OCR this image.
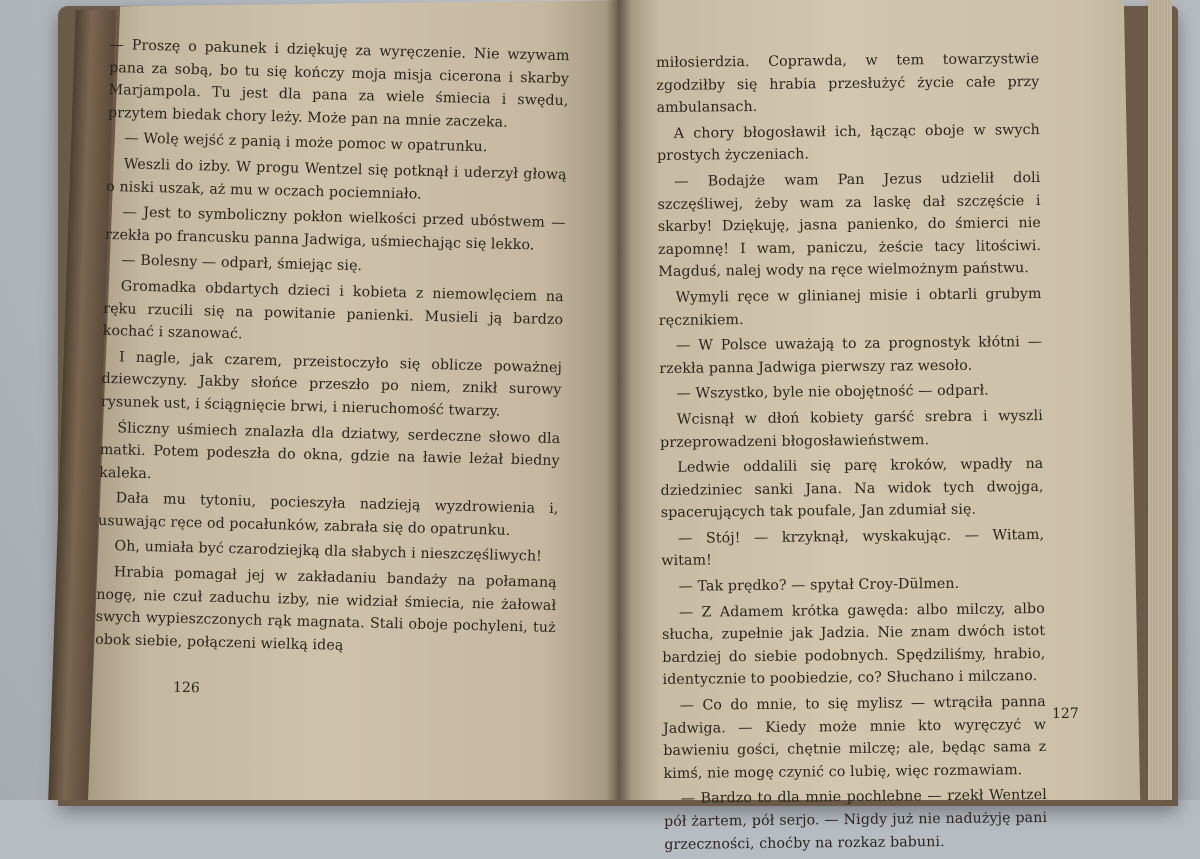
— Proszę o pakunek i dziękuję za wyręczenie. Nie wzywam pana za sobą, bo tu się kończy moja misja cicerona i skarby Marjampola. Tu jest dla pana za wiele śmiecia i swędu, przytem biedak chory leży. Może pan na mnie zaczeka.

— Wolę wejść z panią i może pomoc w opatrunku.

Weszli do izby. W progu Wentzel się potknął i uderzył głową o niski uszak, aż mu w oczach pociemniało.

— Jest to symboliczny pokłon wielkości przed ubóstwem — rzekła po francusku panna Jadwiga, uśmiechając się lekko.

— Bolesny — odparł, śmiejąc się.

Gromadka obdartych dzieci i kobieta z niemowlęciem na ręku rzucili się na powitanie panienki. Musieli ją bardzo kochać i szanować.

I nagle, jak czarem, przeistoczyło się oblicze poważnej dziewczyny. Jakby słońce przeszło po niem, znikł surowy rysunek ust, i ściągnięcie brwi, i nieruchomość twarzy.

Śliczny uśmiech znalazła dla dziatwy, serdeczne słowo dla matki. Potem podeszła do okna, gdzie na ławie leżał biedny kaleka.

Dała mu tytoniu, pocieszyła nadzieją wyzdrowienia i, usuwając ręce od pocałunków, zabrała się do opatrunku.

Oh, umiała być czarodziejką dla słabych i nieszczęśliwych!

Hrabia pomagał jej w zakładaniu bandaży na połamaną nogę, nie czuł zaduchu izby, nie widział śmiecia, nie żałował swych wypieszczonych rąk magnata. Stali oboje pochyleni, tuż obok siebie, połączeni wielką ideą

126

miłosierdzia. Coprawda, w tem towarzystwie zgodziłby się hrabia przesłużyć życie całe przy ambulansach.

A chory błogosławił ich, łącząc oboje w swych prostych życzeniach.

— Bodajże wam Pan Jezus udzielił doli szczęśliwej, żeby wam za laskę dał szczęście i skarby! Dziękuję, jasna panienko, do śmierci nie zapomnę! I wam, paniczu, żeście tacy litościwi. Magduś, nalej wody na ręce wielmożnym państwu.

Wymyli ręce w glinianej misie i obtarli grubym ręcznikiem.

— W Polsce uważają to za prognostyk kłótni — rzekła panna Jadwiga pierwszy raz wesoło.

— Wszystko, byle nie obojętność — odparł.

Wcisnął w dłoń kobiety garść srebra i wyszli przeprowadzeni błogosławieństwem.

Ledwie oddalili się parę kroków, wpadły na dziedziniec sanki Jana. Na widok tych dwojga, spacerujących tak poufale, Jan zdumiał się.

— Stój! — krzyknął, wyskakując. — Witam, witam!

— Tak prędko? — spytał Croy-Dülmen.

— Z Adamem krótka gawęda: albo milczy, albo słucha, zupełnie jak Jadzia. Nie znam dwóch istot bardziej do siebie podobnych. Spędziliśmy, hrabio, identycznie to poobiedzie, co? Słuchano i milczano.

— Co do mnie, to się mylisz — wtrąciła panna Jadwiga. — Kiedy może mnie kto wyręczyć w bawieniu gości, chętnie milczę; ale, będąc sama z kimś, nie mogę czynić co lubię, więc rozmawiam.

— Bardzo to dla mnie pochlebne — rzekł Wentzel pół żartem, pół serjo. — Nigdy już nie nadużyję pani grzeczności, choćby na rozkaz babuni.

127
